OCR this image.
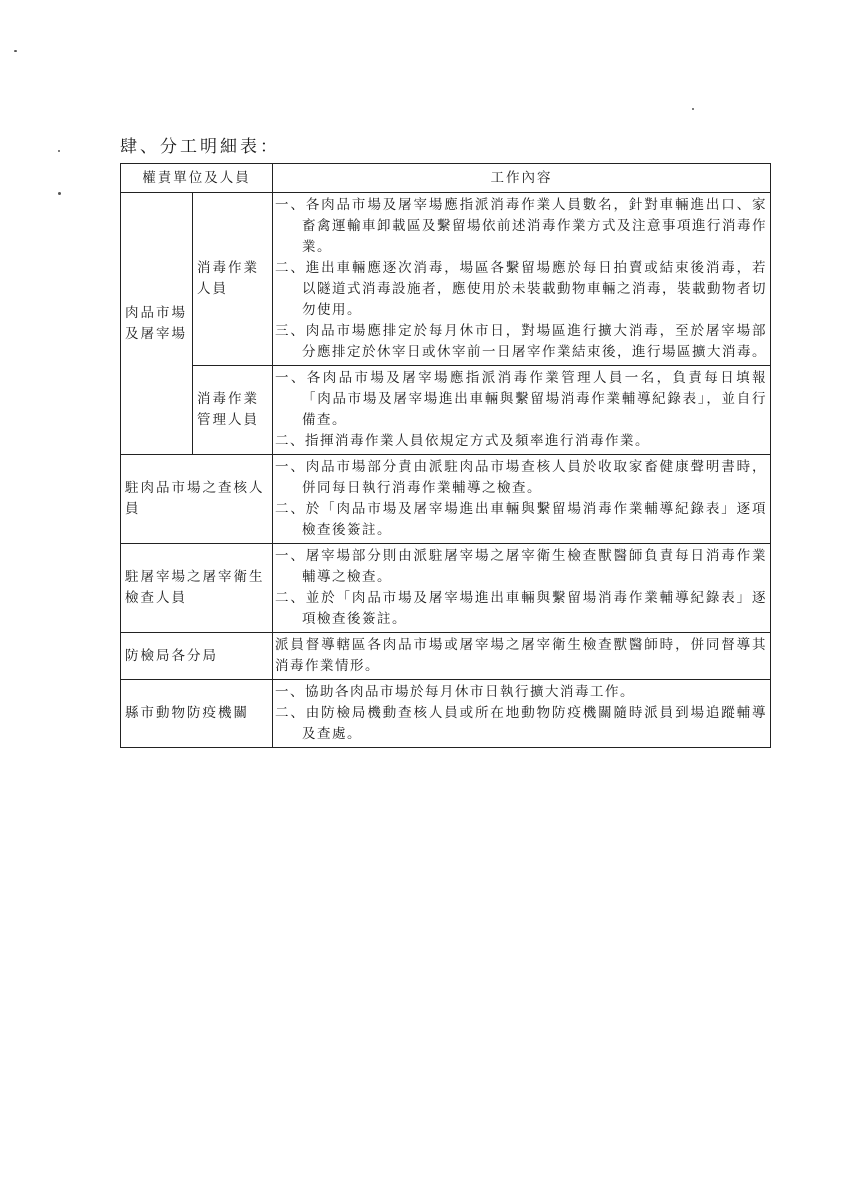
肆、分工明細表：
權責單位及人員		工作內容
肉品市場及屠宰場	消毒作業人員	一、各肉品市場及屠宰場應指派消毒作業人員數名，針對車輛進出口、家畜禽運輸車卸載區及繫留場依前述消毒作業方式及注意事項進行消毒作業。
二、進出車輛應逐次消毒，場區各繫留場應於每日拍賣或結束後消毒，若以隧道式消毒設施者，應使用於未裝載動物車輛之消毒，裝載動物者切勿使用。
三、肉品市場應排定於每月休市日，對場區進行擴大消毒，至於屠宰場部分應排定於休宰日或休宰前一日屠宰作業結束後，進行場區擴大消毒。

	消毒作業管理人員	一、各肉品市場及屠宰場應指派消毒作業管理人員一名，負責每日填報「肉品市場及屠宰場進出車輛與繫留場消毒作業輔導紀錄表」，並自行備查。
二、指揮消毒作業人員依規定方式及頻率進行消毒作業。

駐肉品市場之查核人員		一、肉品市場部分責由派駐肉品市場查核人員於收取家畜健康聲明書時，併同每日執行消毒作業輔導之檢查。
二、於「肉品市場及屠宰場進出車輛與繫留場消毒作業輔導紀錄表」逐項檢查後簽註。

駐屠宰場之屠宰衛生檢查人員		一、屠宰場部分則由派駐屠宰場之屠宰衛生檢查獸醫師負責每日消毒作業輔導之檢查。
二、並於「肉品市場及屠宰場進出車輛與繫留場消毒作業輔導紀錄表」逐項檢查後簽註。

防檢局各分局		派員督導轄區各肉品市場或屠宰場之屠宰衛生檢查獸醫師時，併同督導其消毒作業情形。

縣市動物防疫機關		一、協助各肉品市場於每月休市日執行擴大消毒工作。
二、由防檢局機動查核人員或所在地動物防疫機關隨時派員到場追蹤輔導及查處。
